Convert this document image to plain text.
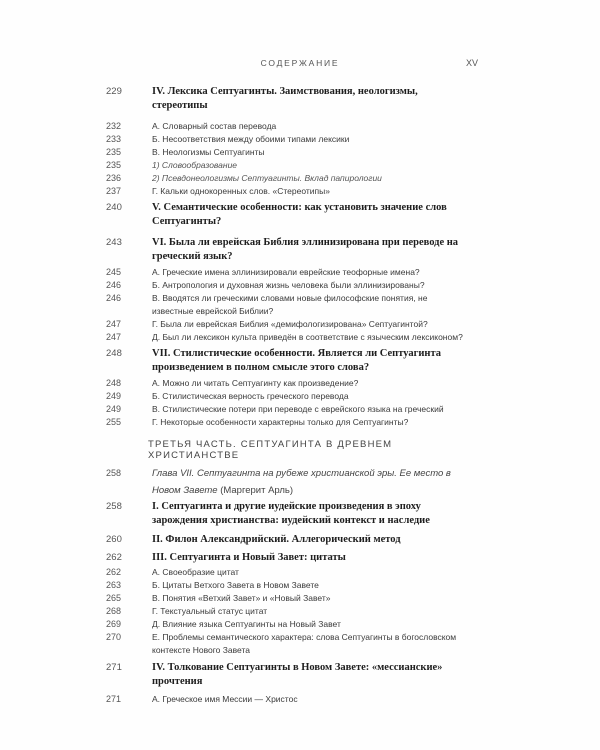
СОДЕРЖАНИЕ	XV
229	IV. Лексика Септуагинты. Заимствования, неологизмы, стереотипы
232	А. Словарный состав перевода
233	Б. Несоответствия между обоими типами лексики
235	В. Неологизмы Септуагинты
235	1) Словообразование
236	2) Псевдонеологизмы Септуагинты. Вклад папирологии
237	Г. Кальки однокоренных слов. «Стереотипы»
240	V. Семантические особенности: как установить значение слов Септуагинты?
243	VI. Была ли еврейская Библия эллинизирована при переводе на греческий язык?
245	А. Греческие имена эллинизировали еврейские теофорные имена?
246	Б. Антропология и духовная жизнь человека были эллинизированы?
246	В. Вводятся ли греческими словами новые философские понятия, не известные еврейской Библии?
247	Г. Была ли еврейская Библия «демифологизирована» Септуагинтой?
247	Д. Был ли лексикон культа приведён в соответствие с языческим лексиконом?
248	VII. Стилистические особенности. Является ли Септуагинта произведением в полном смысле этого слова?
248	А. Можно ли читать Септуагинту как произведение?
249	Б. Стилистическая верность греческого перевода
249	В. Стилистические потери при переводе с еврейского языка на греческий
255	Г. Некоторые особенности характерны только для Септуагинты?
ТРЕТЬЯ ЧАСТЬ. СЕПТУАГИНТА В ДРЕВНЕМ ХРИСТИАНСТВЕ
258	Глава VII. Септуагинта на рубеже христианской эры. Ее место в Новом Завете (Маргерит Арль)
258	I. Септуагинта и другие иудейские произведения в эпоху зарождения христианства: иудейский контекст и наследие
260	II. Филон Александрийский. Аллегорический метод
262	III. Септуагинта и Новый Завет: цитаты
262	А. Своеобразие цитат
263	Б. Цитаты Ветхого Завета в Новом Завете
265	В. Понятия «Ветхий Завет» и «Новый Завет»
268	Г. Текстуальный статус цитат
269	Д. Влияние языка Септуагинты на Новый Завет
270	Е. Проблемы семантического характера: слова Септуагинты в богословском контексте Нового Завета
271	IV. Толкование Септуагинты в Новом Завете: «мессианские» прочтения
271	А. Греческое имя Мессии — Христос
